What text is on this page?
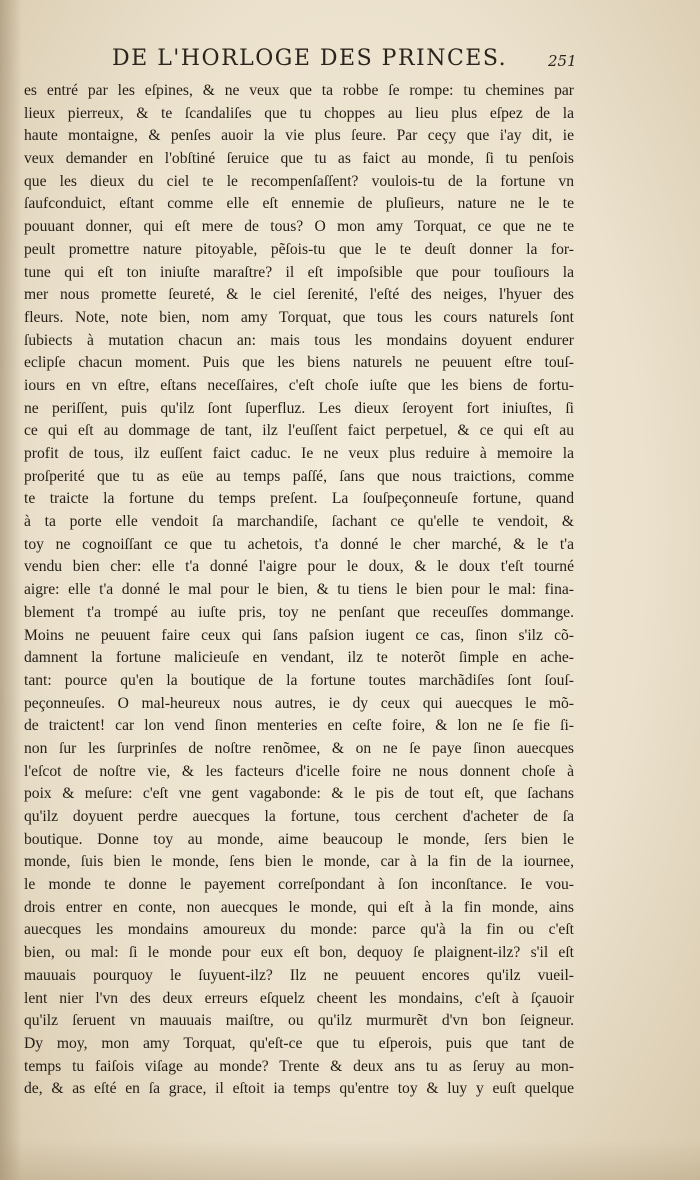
DE L'HORLOGE DES PRINCES.	251
es entré par les eſpines, & ne veux que ta robbe ſe rompe: tu chemines par
lieux pierreux, & te ſcandaliſes que tu choppes au lieu plus eſpez de la
haute montaigne, & penſes auoir la vie plus ſeure. Par ceçy que i'ay dit, ie
veux demander en l'obſtiné ſeruice que tu as faict au monde, ſi tu penſois
que les dieux du ciel te le recompenſaſſent? voulois-tu de la fortune vn
ſaufconduict, eſtant comme elle eſt ennemie de pluſieurs, nature ne le te
pouuant donner, qui eſt mere de tous? O mon amy Torquat, ce que ne te
peult promettre nature pitoyable, pẽſois-tu que le te deuſt donner la for-
tune qui eſt ton iniuſte maraſtre? il eſt impoſsible que pour touſiours la
mer nous promette ſeureté, & le ciel ſerenité, l'eſté des neiges, l'hyuer des
fleurs. Note, note bien, nom amy Torquat, que tous les cours naturels ſont
ſubiects à mutation chacun an: mais tous les mondains doyuent endurer
eclipſe chacun moment. Puis que les biens naturels ne peuuent eſtre touſ-
iours en vn eſtre, eſtans neceſſaires, c'eſt choſe iuſte que les biens de fortu-
ne periſſent, puis qu'ilz ſont ſuperfluz. Les dieux ſeroyent fort iniuſtes, ſi
ce qui eſt au dommage de tant, ilz l'euſſent faict perpetuel, & ce qui eſt au
profit de tous, ilz euſſent faict caduc. Ie ne veux plus reduire à memoire la
proſperité que tu as eüe au temps paſſé, ſans que nous traictions, comme
te traicte la fortune du temps preſent. La ſouſpeçonneuſe fortune, quand
à ta porte elle vendoit ſa marchandiſe, ſachant ce qu'elle te vendoit, &
toy ne cognoiſſant ce que tu achetois, t'a donné le cher marché, & le t'a
vendu bien cher: elle t'a donné l'aigre pour le doux, & le doux t'eſt tourné
aigre: elle t'a donné le mal pour le bien, & tu tiens le bien pour le mal: fina-
blement t'a trompé au iuſte pris, toy ne penſant que receuſſes dommange.
Moins ne peuuent faire ceux qui ſans paſsion iugent ce cas, ſinon s'ilz cõ-
damnent la fortune malicieuſe en vendant, ilz te noterõt ſimple en ache-
tant: pource qu'en la boutique de la fortune toutes marchãdiſes ſont ſouſ-
peçonneuſes. O mal-heureux nous autres, ie dy ceux qui auecques le mõ-
de traictent! car lon vend ſinon menteries en ceſte foire, & lon ne ſe fie ſi-
non ſur les ſurprinſes de noſtre renõmee, & on ne ſe paye ſinon auecques
l'eſcot de noſtre vie, & les facteurs d'icelle foire ne nous donnent choſe à
poix & meſure: c'eſt vne gent vagabonde: & le pis de tout eſt, que ſachans
qu'ilz doyuent perdre auecques la fortune, tous cerchent d'acheter de ſa
boutique. Donne toy au monde, aime beaucoup le monde, ſers bien le
monde, ſuis bien le monde, ſens bien le monde, car à la fin de la iournee,
le monde te donne le payement correſpondant à ſon inconſtance. Ie vou-
drois entrer en conte, non auecques le monde, qui eſt à la fin monde, ains
auecques les mondains amoureux du monde: parce qu'à la fin ou c'eſt
bien, ou mal: ſi le monde pour eux eſt bon, dequoy ſe plaignent-ilz? s'il eſt
mauuais pourquoy le ſuyuent-ilz? Ilz ne peuuent encores qu'ilz vueil-
lent nier l'vn des deux erreurs eſquelz cheent les mondains, c'eſt à ſçauoir
qu'ilz ſeruent vn mauuais maiſtre, ou qu'ilz murmurẽt d'vn bon ſeigneur.
Dy moy, mon amy Torquat, qu'eſt-ce que tu eſperois, puis que tant de
temps tu faiſois viſage au monde? Trente & deux ans tu as ſeruy au mon-
de, & as eſté en ſa grace, il eſtoit ia temps qu'entre toy & luy y euſt quelque
